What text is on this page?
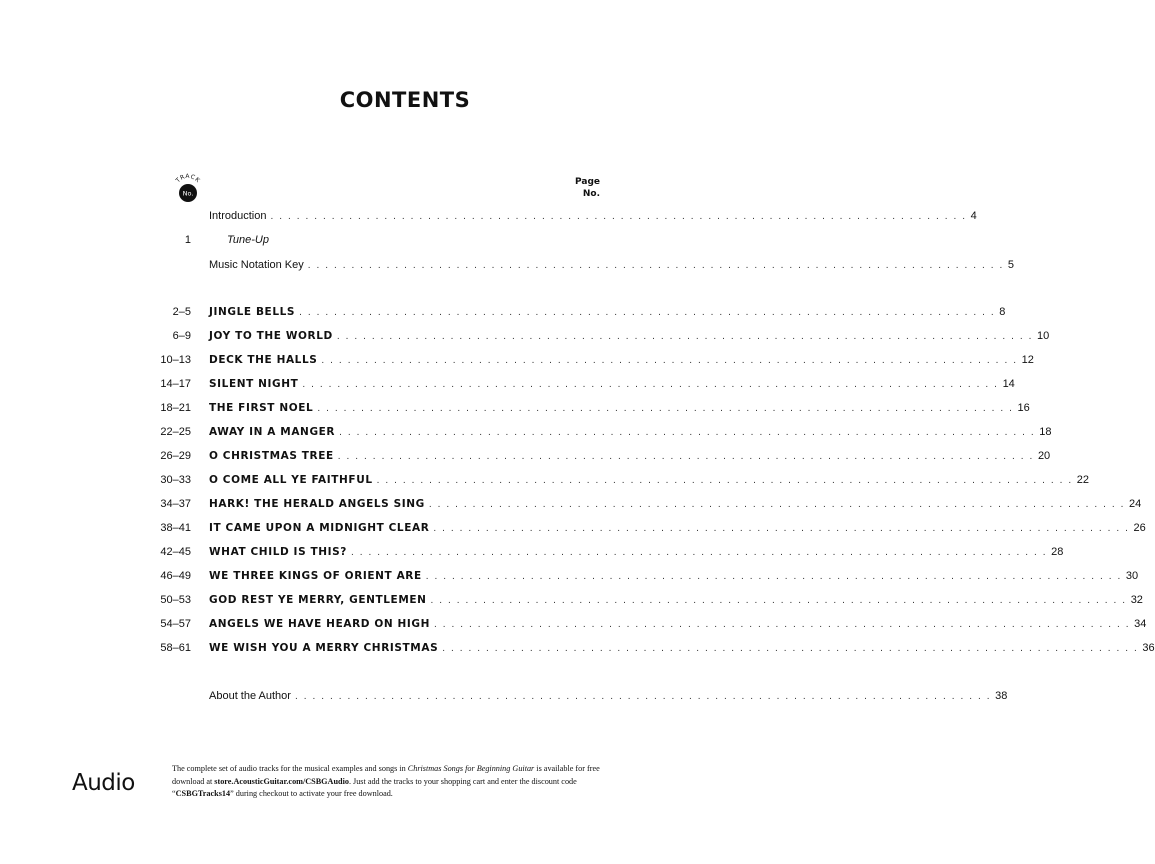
CONTENTS
TRACK
No.
Page
No.
Introduction . . . . . . . . . . . . . . . . . . . . . . . . . . . . . . . . . . . . . . . . . . . . . . . . . . . . . . . . . . . . . . . . . . . . . . . . . . . . . . . . 4
1	Tune-Up
Music Notation Key . . . . . . . . . . . . . . . . . . . . . . . . . . . . . . . . . . . . . . . . . . . . . . . . . . . . . . . . . . . . . . . . . . . . . . . . . . . . . . . . 5
2–5 JINGLE BELLS . . . . . . . . . . . . . . . . . . . . . . . . . . . . . . . . . . . . . . . . . . . . . . . . . . . . . . . . . . . . . . . . . . . . . . . . . . . . . . . . 8
6–9 JOY TO THE WORLD . . . . . . . . . . . . . . . . . . . . . . . . . . . . . . . . . . . . . . . . . . . . . . . . . . . . . . . . . . . . . . . . . . . . . . . . . . . . . . . . 10
10–13 DECK THE HALLS . . . . . . . . . . . . . . . . . . . . . . . . . . . . . . . . . . . . . . . . . . . . . . . . . . . . . . . . . . . . . . . . . . . . . . . . . . . . . . . . 12
14–17 SILENT NIGHT . . . . . . . . . . . . . . . . . . . . . . . . . . . . . . . . . . . . . . . . . . . . . . . . . . . . . . . . . . . . . . . . . . . . . . . . . . . . . . . . 14
18–21 THE FIRST NOEL . . . . . . . . . . . . . . . . . . . . . . . . . . . . . . . . . . . . . . . . . . . . . . . . . . . . . . . . . . . . . . . . . . . . . . . . . . . . . . . . 16
22–25 AWAY IN A MANGER . . . . . . . . . . . . . . . . . . . . . . . . . . . . . . . . . . . . . . . . . . . . . . . . . . . . . . . . . . . . . . . . . . . . . . . . . . . . . . . . 18
26–29 O CHRISTMAS TREE . . . . . . . . . . . . . . . . . . . . . . . . . . . . . . . . . . . . . . . . . . . . . . . . . . . . . . . . . . . . . . . . . . . . . . . . . . . . . . . . 20
30–33 O COME ALL YE FAITHFUL . . . . . . . . . . . . . . . . . . . . . . . . . . . . . . . . . . . . . . . . . . . . . . . . . . . . . . . . . . . . . . . . . . . . . . . . . . . . . . . . 22
34–37 HARK! THE HERALD ANGELS SING . . . . . . . . . . . . . . . . . . . . . . . . . . . . . . . . . . . . . . . . . . . . . . . . . . . . . . . . . . . . . . . . . . . . . . . . . . . . . . . . 24
38–41 IT CAME UPON A MIDNIGHT CLEAR . . . . . . . . . . . . . . . . . . . . . . . . . . . . . . . . . . . . . . . . . . . . . . . . . . . . . . . . . . . . . . . . . . . . . . . . . . . . . . . . 26
42–45 WHAT CHILD IS THIS? . . . . . . . . . . . . . . . . . . . . . . . . . . . . . . . . . . . . . . . . . . . . . . . . . . . . . . . . . . . . . . . . . . . . . . . . . . . . . . . . 28
46–49 WE THREE KINGS OF ORIENT ARE . . . . . . . . . . . . . . . . . . . . . . . . . . . . . . . . . . . . . . . . . . . . . . . . . . . . . . . . . . . . . . . . . . . . . . . . . . . . . . . . 30
50–53 GOD REST YE MERRY, GENTLEMEN . . . . . . . . . . . . . . . . . . . . . . . . . . . . . . . . . . . . . . . . . . . . . . . . . . . . . . . . . . . . . . . . . . . . . . . . . . . . . . . . 32
54–57 ANGELS WE HAVE HEARD ON HIGH . . . . . . . . . . . . . . . . . . . . . . . . . . . . . . . . . . . . . . . . . . . . . . . . . . . . . . . . . . . . . . . . . . . . . . . . . . . . . . . . 34
58–61 WE WISH YOU A MERRY CHRISTMAS . . . . . . . . . . . . . . . . . . . . . . . . . . . . . . . . . . . . . . . . . . . . . . . . . . . . . . . . . . . . . . . . . . . . . . . . . . . . . . . . 36
About the Author . . . . . . . . . . . . . . . . . . . . . . . . . . . . . . . . . . . . . . . . . . . . . . . . . . . . . . . . . . . . . . . . . . . . . . . . . . . . . . . . 38
Audio
The complete set of audio tracks for the musical examples and songs in Christmas Songs for Beginning Guitar is available for free download at store.AcousticGuitar.com/CSBGAudio. Just add the tracks to your shopping cart and enter the discount code “CSBGTracks14” during checkout to activate your free download.
